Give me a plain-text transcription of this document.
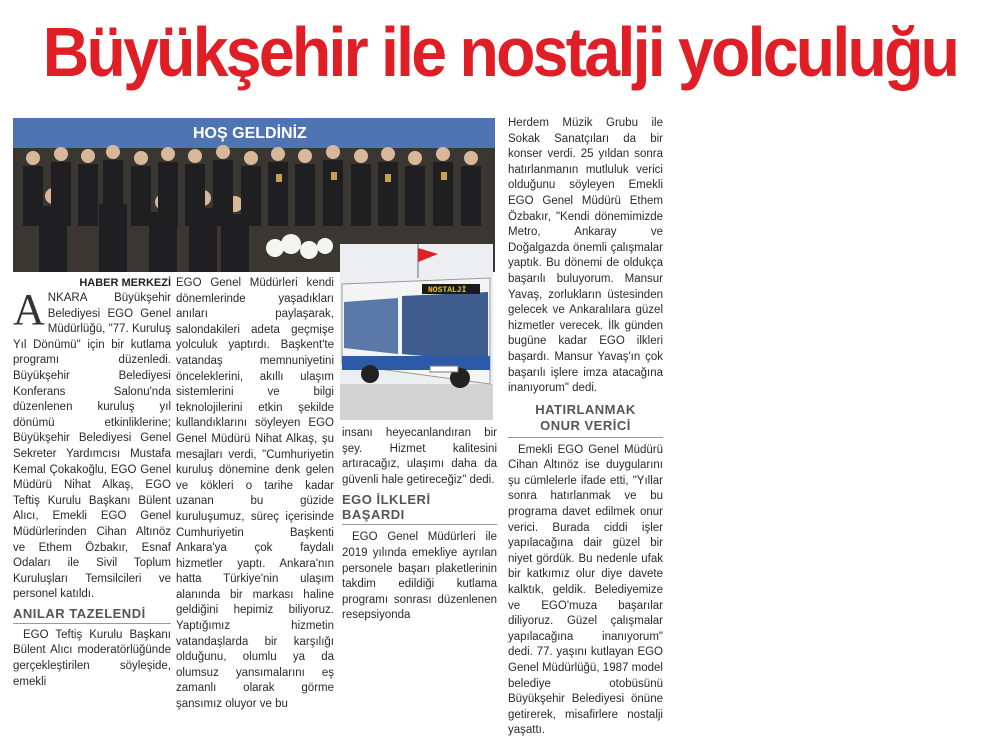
Büyükşehir ile nostalji yolculuğu
HOŞ GELDİNİZ
NOSTALJİ
HABER MERKEZİ

ANKARA Büyükşehir Belediyesi EGO Genel Müdürlüğü, "77. Kuruluş Yıl Dönümü" için bir kutlama programı düzenledi. Büyükşehir Belediyesi Konferans Salonu'nda düzenlenen kuruluş yıl dönümü etkinliklerine; Büyükşehir Belediyesi Genel Sekreter Yardımcısı Mustafa Kemal Çokakoğlu, EGO Genel Müdürü Nihat Alkaş, EGO Teftiş Kurulu Başkanı Bülent Alıcı, Emekli EGO Genel Müdürlerinden Cihan Altınöz ve Ethem Özbakır, Esnaf Odaları ile Sivil Toplum Kuruluşları Temsilcileri ve personel katıldı.

ANILAR TAZELENDİ

EGO Teftiş Kurulu Başkanı Bülent Alıcı moderatörlüğünde gerçekleştirilen söyleşide, emekli

EGO Genel Müdürleri kendi dönemlerinde yaşadıkları anıları paylaşarak, salondakileri adeta geçmişe yolculuk yaptırdı. Başkent'te vatandaş memnuniyetini önceleklerini, akıllı ulaşım sistemlerini ve bilgi teknolojilerini etkin şekilde kullandıklarını söyleyen EGO Genel Müdürü Nihat Alkaş, şu mesajları verdi, "Cumhuriyetin kuruluş dönemine denk gelen ve kökleri o tarihe kadar uzanan bu güzide kuruluşumuz, süreç içerisinde Cumhuriyetin Başkenti Ankara'ya çok faydalı hizmetler yaptı. Ankara'nın hatta Türkiye'nin ulaşım alanında bir markası haline geldiğini hepimiz biliyoruz. Yaptığımız hizmetin vatandaşlarda bir karşılığı olduğunu, olumlu ya da olumsuz yansımalarını eş zamanlı olarak görme şansımız oluyor ve bu

insanı heyecanlandıran bir şey. Hizmet kalitesini artıracağız, ulaşımı daha da güvenli hale getireceğiz" dedi.

EGO İLKLERİ BAŞARDI

EGO Genel Müdürleri ile 2019 yılında emekliye ayrılan personele başarı plaketlerinin takdim edildiği kutlama programı sonrası düzenlenen resepsiyonda

Herdem Müzik Grubu ile Sokak Sanatçıları da bir konser verdi. 25 yıldan sonra hatırlanmanın mutluluk verici olduğunu söyleyen Emekli EGO Genel Müdürü Ethem Özbakır, "Kendi dönemimizde Metro, Ankaray ve Doğalgazda önemli çalışmalar yaptık. Bu dönemi de oldukça başarılı buluyorum. Mansur Yavaş, zorlukların üstesinden gelecek ve Ankaralılara güzel hizmetler verecek. İlk günden bugüne kadar EGO ilkleri başardı. Mansur Yavaş'ın çok başarılı işlere imza atacağına inanıyorum" dedi.

HATIRLANMAK
ONUR VERİCİ

Emekli EGO Genel Müdürü Cihan Altınöz ise duygularını şu cümlelerle ifade etti, "Yıllar sonra hatırlanmak ve bu programa davet edilmek onur verici. Burada ciddi işler yapılacağına dair güzel bir niyet gördük. Bu nedenle ufak bir katkımız olur diye davete kalktık, geldik. Belediyemize ve EGO'muza başarılar diliyoruz. Güzel çalışmalar yapılacağına inanıyorum" dedi. 77. yaşını kutlayan EGO Genel Müdürlüğü, 1987 model belediye otobüsünü Büyükşehir Belediyesi önüne getirerek, misafirlere nostalji yaşattı.
